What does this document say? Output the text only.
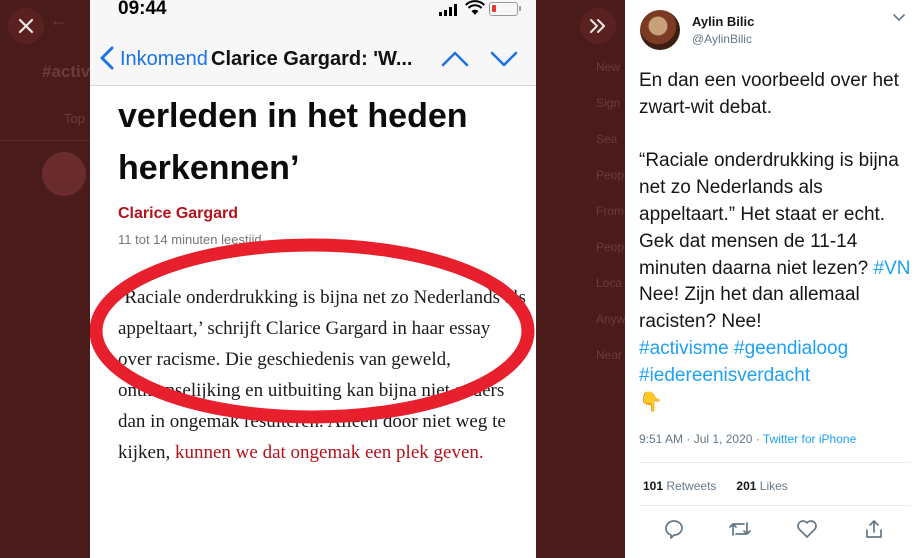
←
#activ
Top
New
Sign
Sea
Peop
From
Peop
Loca
Anyw
Near
09:44
Inkomend Clarice Gargard: 'W...
verleden in het heden
herkennen’
Clarice Gargard
11 tot 14 minuten leestijd
‘Raciale onderdrukking is bijna net zo Nederlands als appeltaart,’ schrijft Clarice Gargard in haar essay over racisme. Die geschiedenis van geweld, ontmenselijking en uitbuiting kan bijna niet anders dan in ongemak resulteren. Alleen door niet weg te kijken, kunnen we dat ongemak een plek geven.
Aylin Bilic
@AylinBilic

En dan een voorbeeld over het zwart-wit debat.

“Raciale onderdrukking is bijna net zo Nederlands als appeltaart.” Het staat er echt. Gek dat mensen de 11-14 minuten daarna niet lezen? #VN Nee! Zijn het dan allemaal racisten? Nee!
#activisme #geendialoog
#iedereenisverdacht
👇

9:51 AM · Jul 1, 2020 · Twitter for iPhone
101 Retweets 201 Likes
